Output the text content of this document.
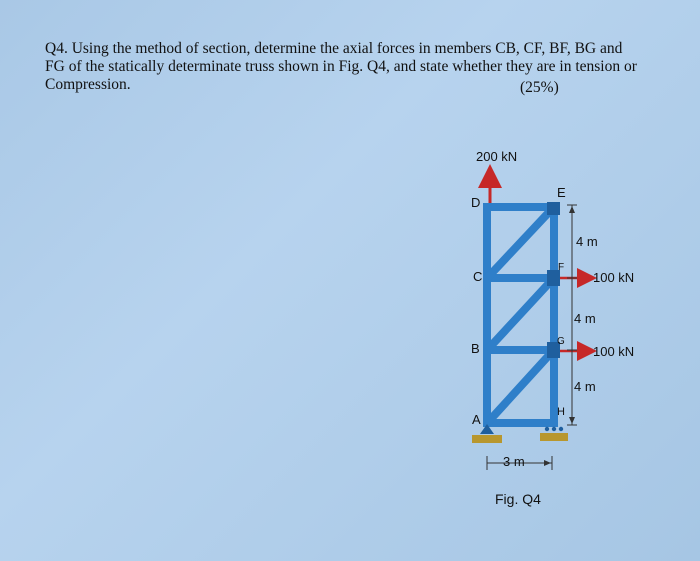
Q4. Using the method of section, determine the axial forces in members CB, CF, BF, BG and

FG of the statically determinate truss shown in Fig. Q4, and state whether they are in tension or

Compression.	(25%)
200 kN
100 kN
100 kN
4 m
4 m
4 m
3 m
D
C
B
A
E
F
G
H
Fig. Q4
